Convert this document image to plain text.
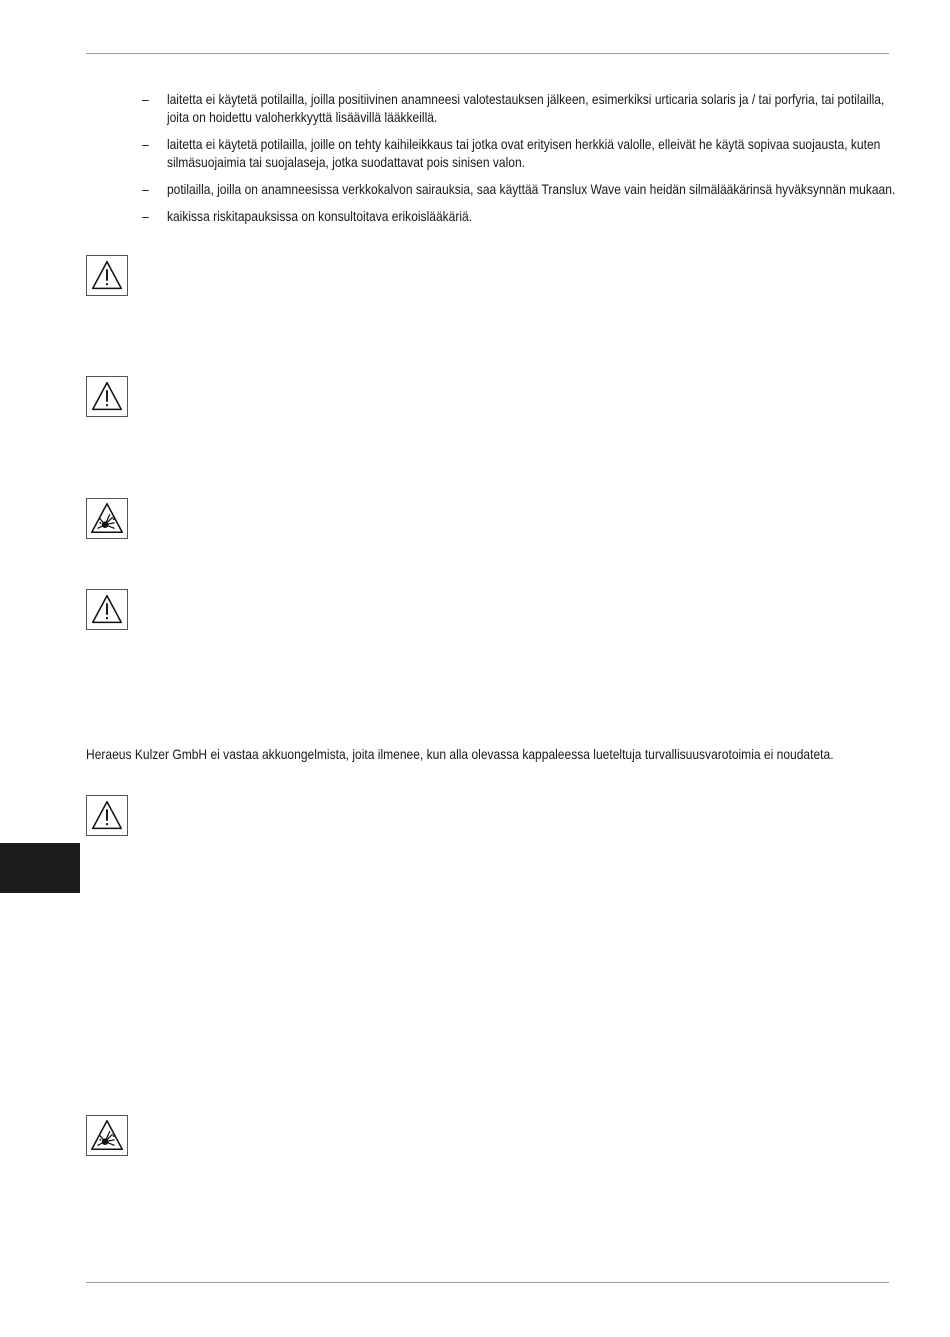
– laitetta ei käytetä potilailla, joilla positiivinen anamneesi valotestauksen jälkeen, esimerkiksi urticaria solaris ja / tai porfyria, tai potilailla, joita on hoidettu valoherkkyyttä lisäävillä lääkkeillä.
– laitetta ei käytetä potilailla, joille on tehty kaihileikkaus tai jotka ovat erityisen herkkiä valolle, elleivät he käytä sopivaa suojausta, kuten silmäsuojaimia tai suojalaseja, jotka suodattavat pois sinisen valon.
– potilailla, joilla on anamneesissa verkkokalvon sairauksia, saa käyttää Translux Wave vain heidän silmälääkärinsä hyväksynnän mukaan.
– kaikissa riskitapauksissa on konsultoitava erikoislääkäriä.

Heraeus Kulzer GmbH ei vastaa akkuongelmista, joita ilmenee, kun alla olevassa kappaleessa lueteltuja turvallisuusvarotoimia ei noudateta.
